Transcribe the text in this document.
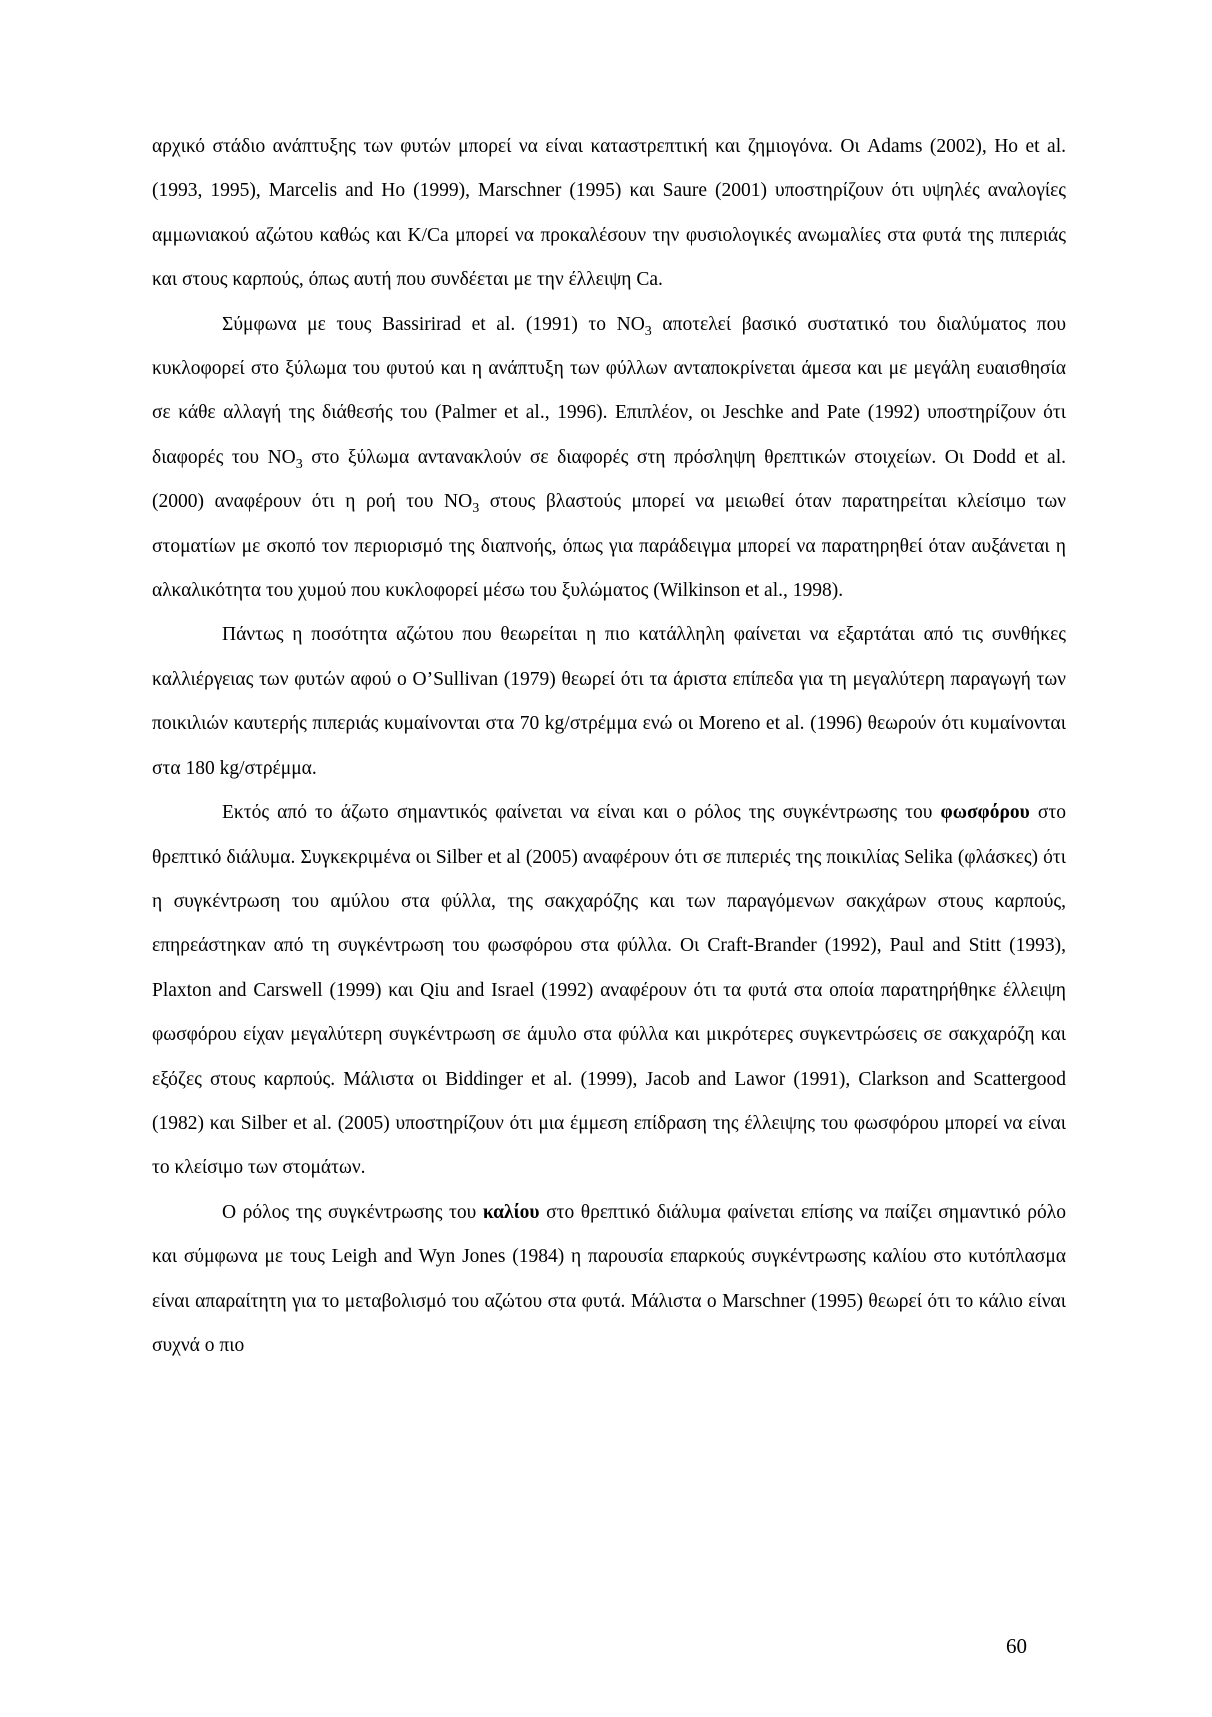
αρχικό στάδιο ανάπτυξης των φυτών μπορεί να είναι καταστρεπτική και ζημιογόνα. Οι Adams (2002), Ho et al. (1993, 1995), Marcelis and Ho (1999), Marschner (1995) και Saure (2001) υποστηρίζουν ότι υψηλές αναλογίες αμμωνιακού αζώτου καθώς και K/Ca μπορεί να προκαλέσουν την φυσιολογικές ανωμαλίες στα φυτά της πιπεριάς και στους καρπούς, όπως αυτή που συνδέεται με την έλλειψη Ca.

Σύμφωνα με τους Bassirirad et al. (1991) το $NO_3$ αποτελεί βασικό συστατικό του διαλύματος που κυκλοφορεί στο ξύλωμα του φυτού και η ανάπτυξη των φύλλων ανταποκρίνεται άμεσα και με μεγάλη ευαισθησία σε κάθε αλλαγή της διάθεσής του (Palmer et al., 1996). Επιπλέον, οι Jeschke and Pate (1992) υποστηρίζουν ότι διαφορές του $NO_3$ στο ξύλωμα αντανακλούν σε διαφορές στη πρόσληψη θρεπτικών στοιχείων. Οι Dodd et al. (2000) αναφέρουν ότι η ροή του $NO_3$ στους βλαστούς μπορεί να μειωθεί όταν παρατηρείται κλείσιμο των στοματίων με σκοπό τον περιορισμό της διαπνοής, όπως για παράδειγμα μπορεί να παρατηρηθεί όταν αυξάνεται η αλκαλικότητα του χυμού που κυκλοφορεί μέσω του ξυλώματος (Wilkinson et al., 1998).

Πάντως η ποσότητα αζώτου που θεωρείται η πιο κατάλληλη φαίνεται να εξαρτάται από τις συνθήκες καλλιέργειας των φυτών αφού ο O’Sullivan (1979) θεωρεί ότι τα άριστα επίπεδα για τη μεγαλύτερη παραγωγή των ποικιλιών καυτερής πιπεριάς κυμαίνονται στα 70 kg/στρέμμα ενώ οι Moreno et al. (1996) θεωρούν ότι κυμαίνονται στα 180 kg/στρέμμα.

Εκτός από το άζωτο σημαντικός φαίνεται να είναι και ο ρόλος της συγκέντρωσης του φωσφόρου στο θρεπτικό διάλυμα. Συγκεκριμένα οι Silber et al (2005) αναφέρουν ότι σε πιπεριές της ποικιλίας Selika (φλάσκες) ότι η συγκέντρωση του αμύλου στα φύλλα, της σακχαρόζης και των παραγόμενων σακχάρων στους καρπούς, επηρεάστηκαν από τη συγκέντρωση του φωσφόρου στα φύλλα. Οι Craft-Brander (1992), Paul and Stitt (1993), Plaxton and Carswell (1999) και Qiu and Israel (1992) αναφέρουν ότι τα φυτά στα οποία παρατηρήθηκε έλλειψη φωσφόρου είχαν μεγαλύτερη συγκέντρωση σε άμυλο στα φύλλα και μικρότερες συγκεντρώσεις σε σακχαρόζη και εξόζες στους καρπούς. Μάλιστα οι Biddinger et al. (1999), Jacob and Lawor (1991), Clarkson and Scattergood (1982) και Silber et al. (2005) υποστηρίζουν ότι μια έμμεση επίδραση της έλλειψης του φωσφόρου μπορεί να είναι το κλείσιμο των στομάτων.

Ο ρόλος της συγκέντρωσης του καλίου στο θρεπτικό διάλυμα φαίνεται επίσης να παίζει σημαντικό ρόλο και σύμφωνα με τους Leigh and Wyn Jones (1984) η παρουσία επαρκούς συγκέντρωσης καλίου στο κυτόπλασμα είναι απαραίτητη για το μεταβολισμό του αζώτου στα φυτά. Μάλιστα ο Marschner (1995) θεωρεί ότι το κάλιο είναι συχνά ο πιο

60
